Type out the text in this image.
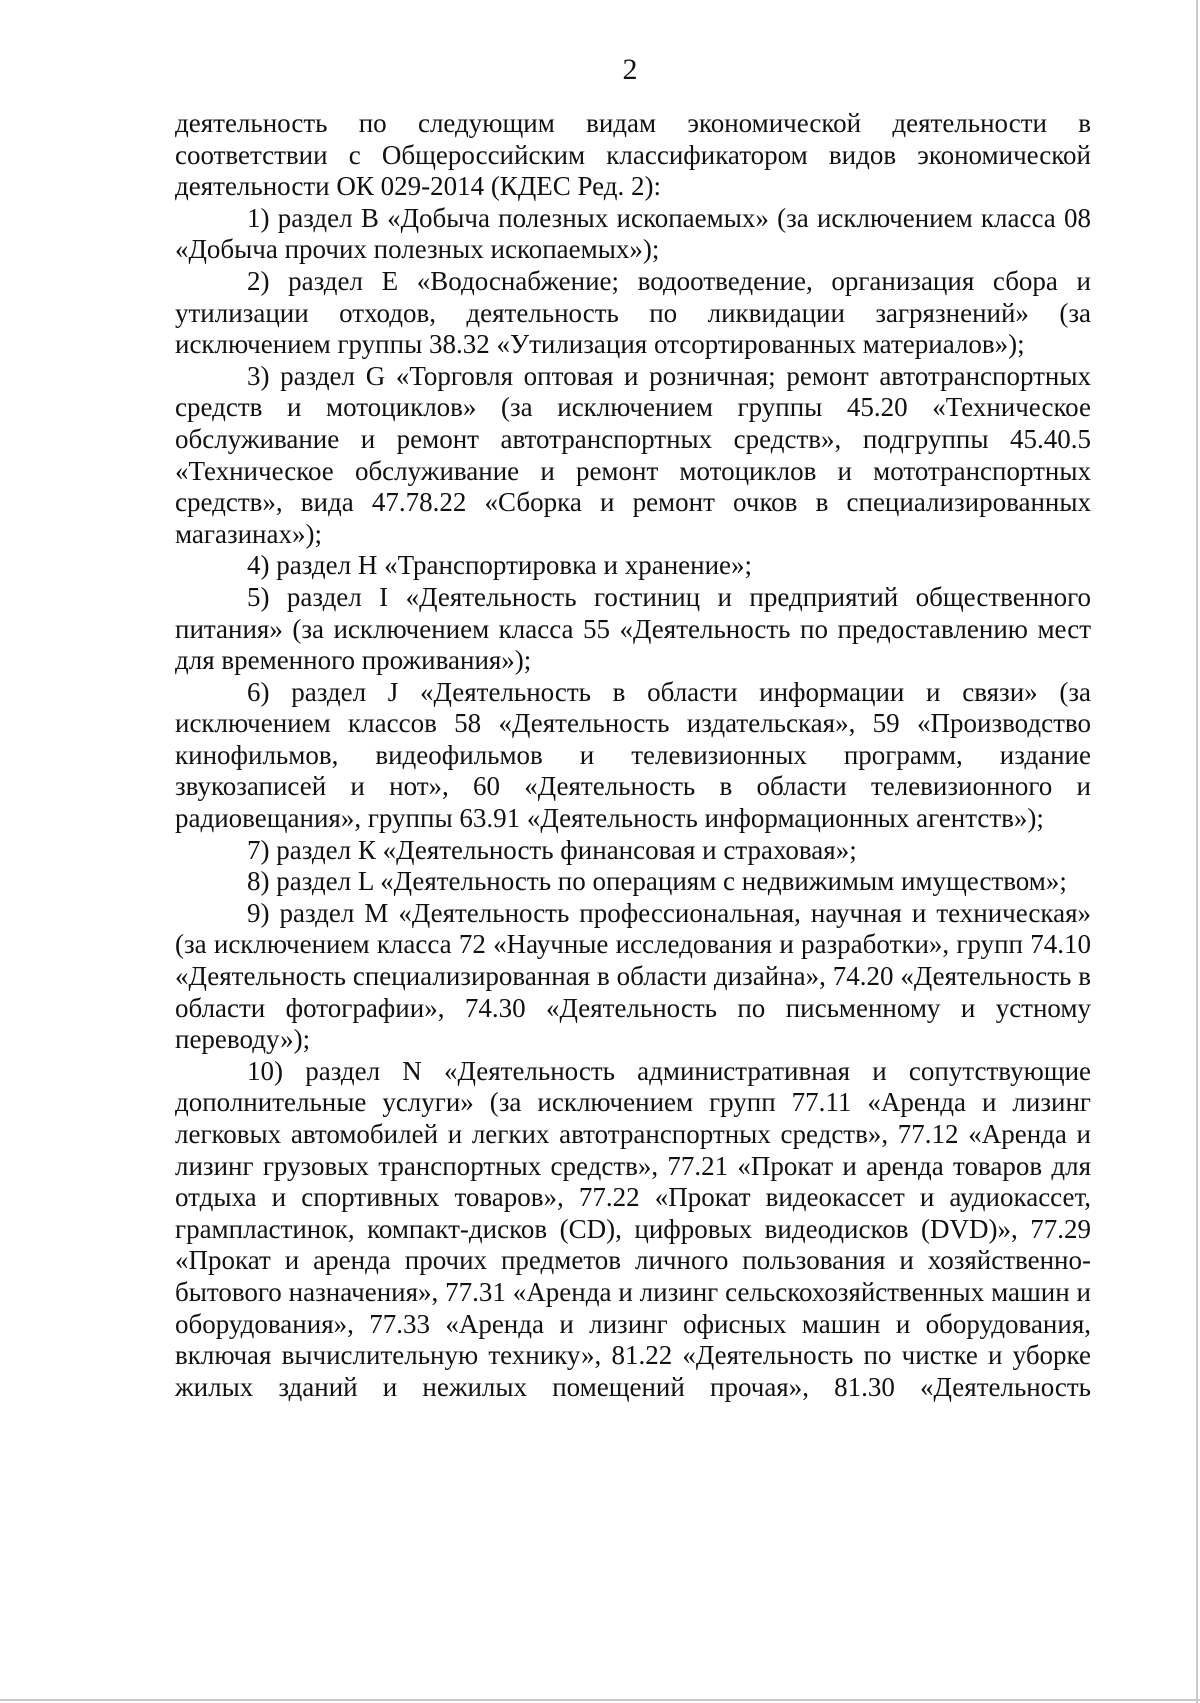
2

деятельность по следующим видам экономической деятельности в соответствии с Общероссийским классификатором видов экономической деятельности ОК 029-2014 (КДЕС Ред. 2):

1) раздел В «Добыча полезных ископаемых» (за исключением класса 08 «Добыча прочих полезных ископаемых»);

2) раздел Е «Водоснабжение; водоотведение, организация сбора и утилизации отходов, деятельность по ликвидации загрязнений» (за исключением группы 38.32 «Утилизация отсортированных материалов»);

3) раздел G «Торговля оптовая и розничная; ремонт автотранспортных средств и мотоциклов» (за исключением группы 45.20 «Техническое обслуживание и ремонт автотранспортных средств», подгруппы 45.40.5 «Техническое обслуживание и ремонт мотоциклов и мототранспортных средств», вида 47.78.22 «Сборка и ремонт очков в специализированных магазинах»);

4) раздел Н «Транспортировка и хранение»;

5) раздел I «Деятельность гостиниц и предприятий общественного питания» (за исключением класса 55 «Деятельность по предоставлению мест для временного проживания»);

6) раздел J «Деятельность в области информации и связи» (за исключением классов 58 «Деятельность издательская», 59 «Производство кинофильмов, видеофильмов и телевизионных программ, издание звукозаписей и нот», 60 «Деятельность в области телевизионного и радиовещания», группы 63.91 «Деятельность информационных агентств»);

7) раздел К «Деятельность финансовая и страховая»;

8) раздел L «Деятельность по операциям с недвижимым имуществом»;

9) раздел M «Деятельность профессиональная, научная и техническая» (за исключением класса 72 «Научные исследования и разработки», групп 74.10 «Деятельность специализированная в области дизайна», 74.20 «Деятельность в области фотографии», 74.30 «Деятельность по письменному и устному переводу»);

10) раздел N «Деятельность административная и сопутствующие дополнительные услуги» (за исключением групп 77.11 «Аренда и лизинг легковых автомобилей и легких автотранспортных средств», 77.12 «Аренда и лизинг грузовых транспортных средств», 77.21 «Прокат и аренда товаров для отдыха и спортивных товаров», 77.22 «Прокат видеокассет и аудиокассет, грампластинок, компакт-дисков (CD), цифровых видеодисков (DVD)», 77.29 «Прокат и аренда прочих предметов личного пользования и хозяйственно-бытового назначения», 77.31 «Аренда и лизинг сельскохозяйственных машин и оборудования», 77.33 «Аренда и лизинг офисных машин и оборудования, включая вычислительную технику», 81.22 «Деятельность по чистке и уборке жилых зданий и нежилых помещений прочая», 81.30 «Деятельность
